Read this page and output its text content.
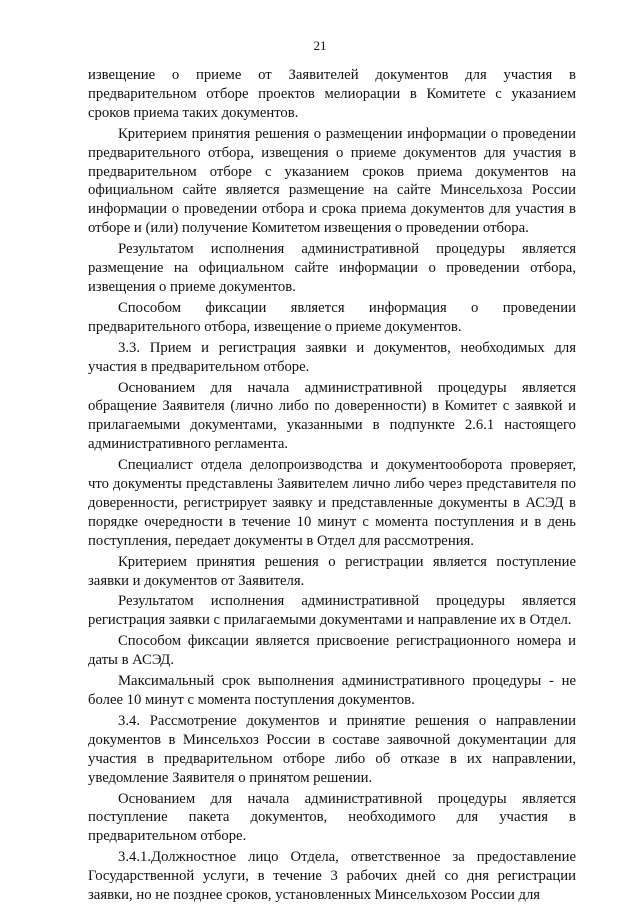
21

извещение о приеме от Заявителей документов для участия в предварительном отборе проектов мелиорации в Комитете с указанием сроков приема таких документов.

Критерием принятия решения о размещении информации о проведении предварительного отбора, извещения о приеме документов для участия в предварительном отборе с указанием сроков приема документов на официальном сайте является размещение на сайте Минсельхоза России информации о проведении отбора и срока приема документов для участия в отборе и (или) получение Комитетом извещения о проведении отбора.

Результатом исполнения административной процедуры является размещение на официальном сайте информации о проведении отбора, извещения о приеме документов.

Способом фиксации является информация о проведении предварительного отбора, извещение о приеме документов.

3.3. Прием и регистрация заявки и документов, необходимых для участия в предварительном отборе.

Основанием для начала административной процедуры является обращение Заявителя (лично либо по доверенности) в Комитет с заявкой и прилагаемыми документами, указанными в подпункте 2.6.1 настоящего административного регламента.

Специалист отдела делопроизводства и документооборота проверяет, что документы представлены Заявителем лично либо через представителя по доверенности, регистрирует заявку и представленные документы в АСЭД в порядке очередности в течение 10 минут с момента поступления и в день поступления, передает документы в Отдел для рассмотрения.

Критерием принятия решения о регистрации является поступление заявки и документов от Заявителя.

Результатом исполнения административной процедуры является регистрация заявки с прилагаемыми документами и направление их в Отдел.

Способом фиксации является присвоение регистрационного номера и даты в АСЭД.

Максимальный срок выполнения административного процедуры - не более 10 минут с момента поступления документов.

3.4. Рассмотрение документов и принятие решения о направлении документов в Минсельхоз России в составе заявочной документации для участия в предварительном отборе либо об отказе в их направлении, уведомление Заявителя о принятом решении.

Основанием для начала административной процедуры является поступление пакета документов, необходимого для участия в предварительном отборе.

3.4.1.Должностное лицо Отдела, ответственное за предоставление Государственной услуги, в течение 3 рабочих дней со дня регистрации заявки, но не позднее сроков, установленных Минсельхозом России для
